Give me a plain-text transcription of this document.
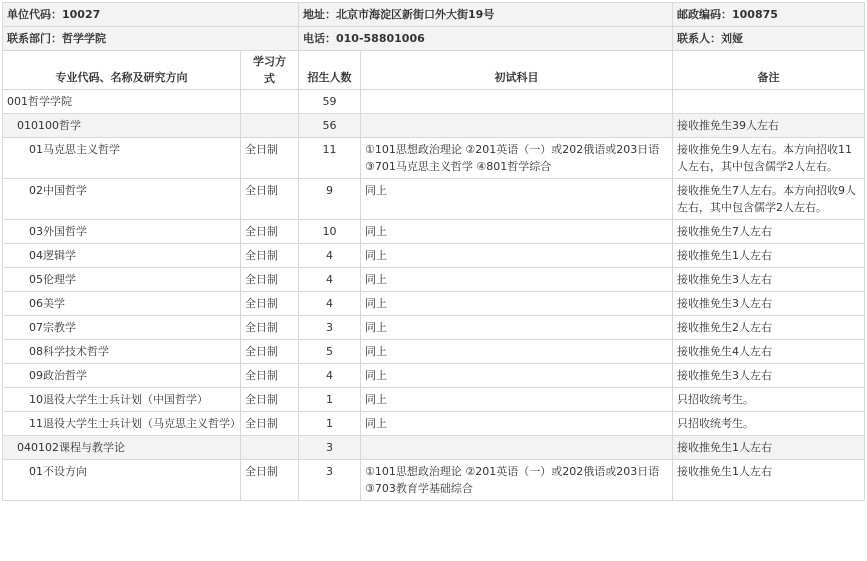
单位代码：10027		地址：北京市海淀区新街口外大街19号		邮政编码：100875
联系部门：哲学学院		电话：010-58801006		联系人：刘娅
专业代码、名称及研究方向	学习方式	招生人数	初试科目	备注
001哲学学院		59		
010100哲学		56		接收推免生39人左右
01马克思主义哲学	全日制	11	①101思想政治理论 ②201英语（一）或202俄语或203日语 ③701马克思主义哲学 ④801哲学综合	接收推免生9人左右。本方向招收11人左右，其中包含儒学2人左右。
02中国哲学	全日制	9	同上	接收推免生7人左右。本方向招收9人左右，其中包含儒学2人左右。
03外国哲学	全日制	10	同上	接收推免生7人左右
04逻辑学	全日制	4	同上	接收推免生1人左右
05伦理学	全日制	4	同上	接收推免生3人左右
06美学	全日制	4	同上	接收推免生3人左右
07宗教学	全日制	3	同上	接收推免生2人左右
08科学技术哲学	全日制	5	同上	接收推免生4人左右
09政治哲学	全日制	4	同上	接收推免生3人左右
10退役大学生士兵计划（中国哲学）	全日制	1	同上	只招收统考生。
11退役大学生士兵计划（马克思主义哲学）	全日制	1	同上	只招收统考生。
040102课程与教学论		3		接收推免生1人左右
01不设方向	全日制	3	①101思想政治理论 ②201英语（一）或202俄语或203日语 ③703教育学基础综合	接收推免生1人左右
